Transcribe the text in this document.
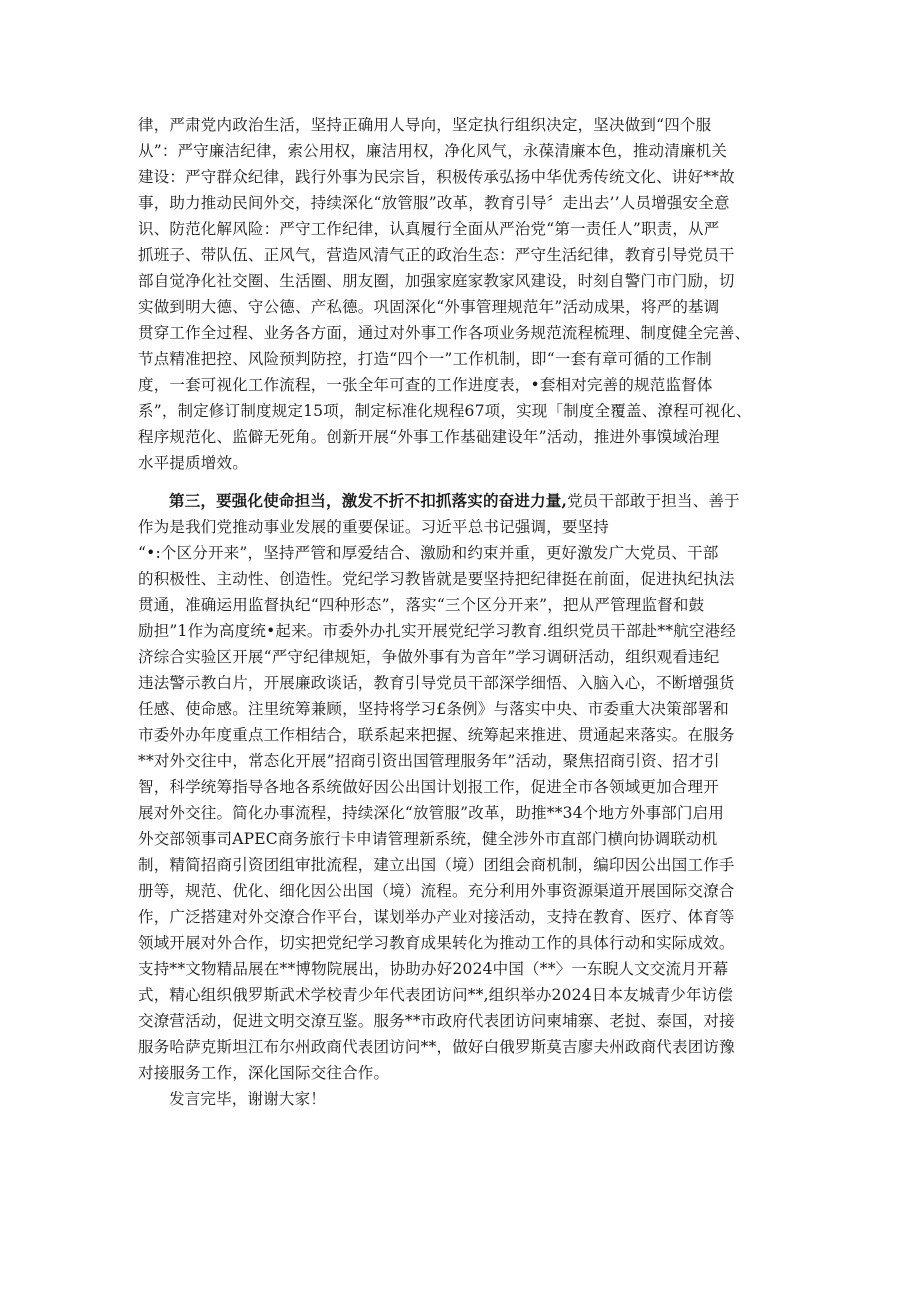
律，严肃党内政治生活，坚持正确用人导向，坚定执行组织决定，坚决做到“四个服
从”：严守廉洁纪律，索公用权，廉洁用权，净化风气，永葆清廉本色，推动清廉机关
建设：严守群众纪律，践行外事为民宗旨，积极传承弘扬中华优秀传统文化、讲好**故
事，助力推动民间外交，持续深化“放管服”改革，教育引导〞走出去’’人员增强安全意
识、防范化解风险：严守工作纪律，认真履行全面从严治党“第一责任人”职责，从严
抓班子、带队伍、正风气，营造风清气正的政治生态：严守生活纪律，教育引导党员干
部自觉净化社交圈、生活圈、朋友圈，加强家庭家教家风建设，时刻自警门市门励，切
实做到明大德、守公德、产私德。巩固深化“外事管理规范年”活动成果，将严的基调
贯穿工作全过程、业务各方面，通过对外事工作各项业务规范流程梳理、制度健全完善、
节点精准把控、风险预判防控，打造“四个一”工作机制，即“一套有章可循的工作制
度，一套可视化工作流程，一张全年可查的工作进度表，•套相对完善的规范监督体
系”，制定修订制度规定15项，制定标准化规程67项，实现「制度全覆盖、潦程可视化、
程序规范化、监僻无死角。创新开展“外事工作基础建设年”活动，推进外事馍域治理
水平提质增效。
第三，要强化使命担当，激发不折不扣抓落实的奋进力量,党员干部敢于担当、善于
作为是我们党推动事业发展的重要保证。习近平总书记强调，要坚持
“•:个区分开来”，坚持严管和厚爱结合、激励和约束并重，更好激发广大党员、干部
的积极性、主动性、创造性。党纪学习教皆就是要坚持把纪律挺在前面，促进执纪执法
贯通，准确运用监督执纪“四种形态”，落实“三个区分开来”，把从严管理监督和鼓
励担”1作为高度统•起来。市委外办扎实开展党纪学习教育.组织党员干部赴**航空港经
济综合实验区开展“严守纪律规矩，争做外事有为音年”学习调研活动，组织观看违纪
违法警示教白片，开展廉政谈话，教育引导党员干部深学细悟、入脑入心，不断增强货
任感、使命感。注里统筹兼顾，坚持将学习£条例》与落实中央、市委重大决策部署和
市委外办年度重点工作相结合，联系起来把握、统筹起来推进、贯通起来落实。在服务
**对外交往中，常态化开展”招商引资出国管理服务年”活动，聚焦招商引资、招才引
智，科学统筹指导各地各系统做好因公出国计划报工作，促进全市各领域更加合理开
展对外交往。简化办事流程，持续深化“放管服”改革，助推**34个地方外事部门启用
外交部领事司APEC商务旅行卡申请管理新系统，健全涉外市直部门横向协调联动机
制，精简招商引资团组审批流程，建立出国（境）团组会商机制，编印因公出国工作手
册等，规范、优化、细化因公出国（境）流程。充分利用外事资源渠道开展国际交潦合
作，广泛搭建对外交潦合作平台，谋划举办产业对接活动，支持在教育、医疗、体育等
领域开展对外合作，切实把党纪学习教育成果转化为推动工作的具体行动和实际成效。
支持**文物精品展在**博物院展出，协助办好2024中国（**〉一东睨人文交流月开幕
式，精心组织俄罗斯武术学校青少年代表团访问**,组织举办2024日本友城青少年访偿
交潦营活动，促进文明交潦互鉴。服务**市政府代表团访问柬埔寨、老挝、泰国，对接
服务哈萨克斯坦江布尔州政商代表团访问**，做好白俄罗斯莫吉廖夫州政商代表团访豫
对接服务工作，深化国际交往合作。
发言完毕，谢谢大家！
